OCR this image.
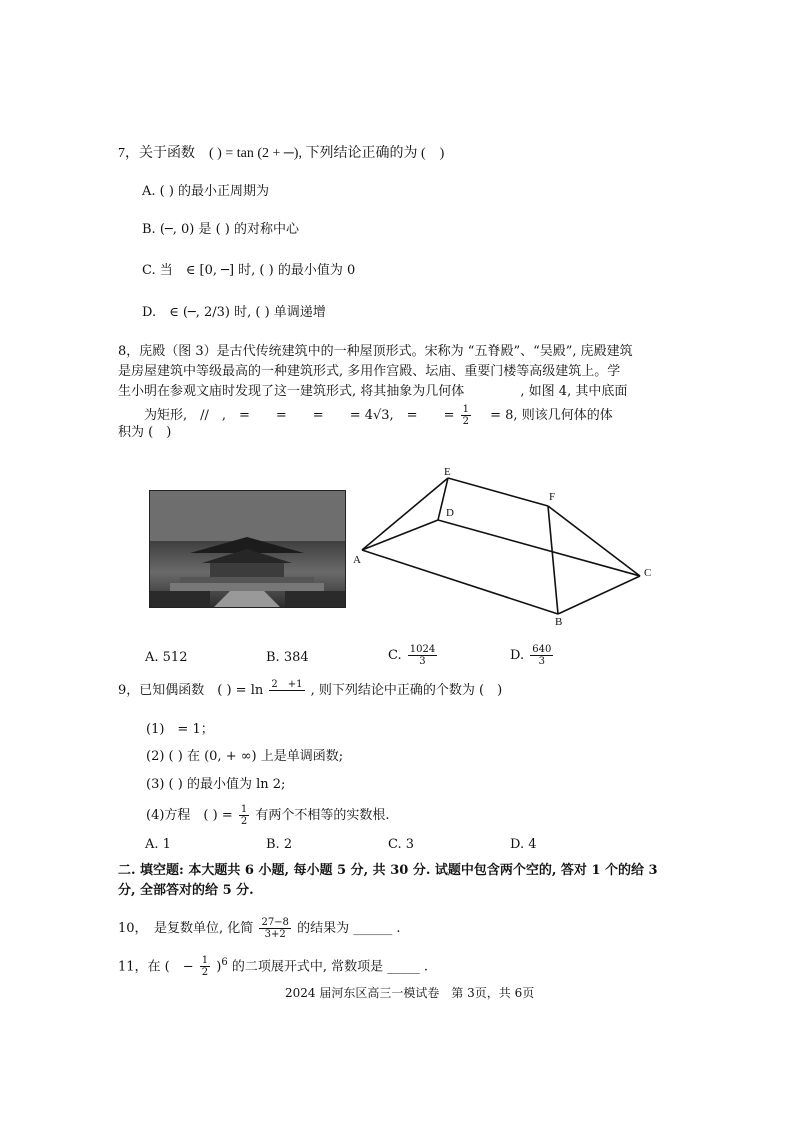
7，关于函数　( ) = tan (2 + ─), 下列结论正确的为 (　)
A. ( ) 的最小正周期为
B. (─, 0) 是 ( ) 的对称中心
C. 当　∈ [0, ─] 时, ( ) 的最小值为 0
D.　∈ (─, 2/3) 时, ( ) 单调递增
8，庑殿（图 3）是古代传统建筑中的一种屋顶形式。宋称为 “五脊殿”、“吴殿”, 庑殿建筑
是房屋建筑中等级最高的一种建筑形式, 多用作宫殿、坛庙、重要门楼等高级建筑上。学
生小明在参观文庙时发现了这一建筑形式, 将其抽象为几何体　　　　 , 如图 4, 其中底面
　　为矩形,　//　,　=　　=　　=　　= 4√3,　=　　= $\frac{1}{2}$ 　= 8, 则该几何体的体
积为 (　)
E
D
F
A
C
B
A. 512	B. 384	C. $\frac{1024}{3}$	D. $\frac{640}{3}$
9，已知偶函数　( ) = ln 2　+1 , 则下列结论中正确的个数为 (　)
(1)　= 1；
(2) ( ) 在 (0, + ∞) 上是单调函数;
(3) ( ) 的最小值为 ln 2;
(4)方程　( ) = $\frac{1}{2}$ 有两个不相等的实数根.
A. 1	B. 2	C. 3	D. 4
二. 填空题: 本大题共 6 小题, 每小题 5 分, 共 30 分. 试题中包含两个空的, 答对 1 个的给 3
分, 全部答对的给 5 分.
10，　是复数单位, 化简 $\frac{27-8}{3+2}$ 的结果为 ______ .
11，在 (　− $\frac{1}{2} )^6$ 的二项展开式中, 常数项是 _____ .
2024 届河东区高三一模试卷　第 3页，共 6页
